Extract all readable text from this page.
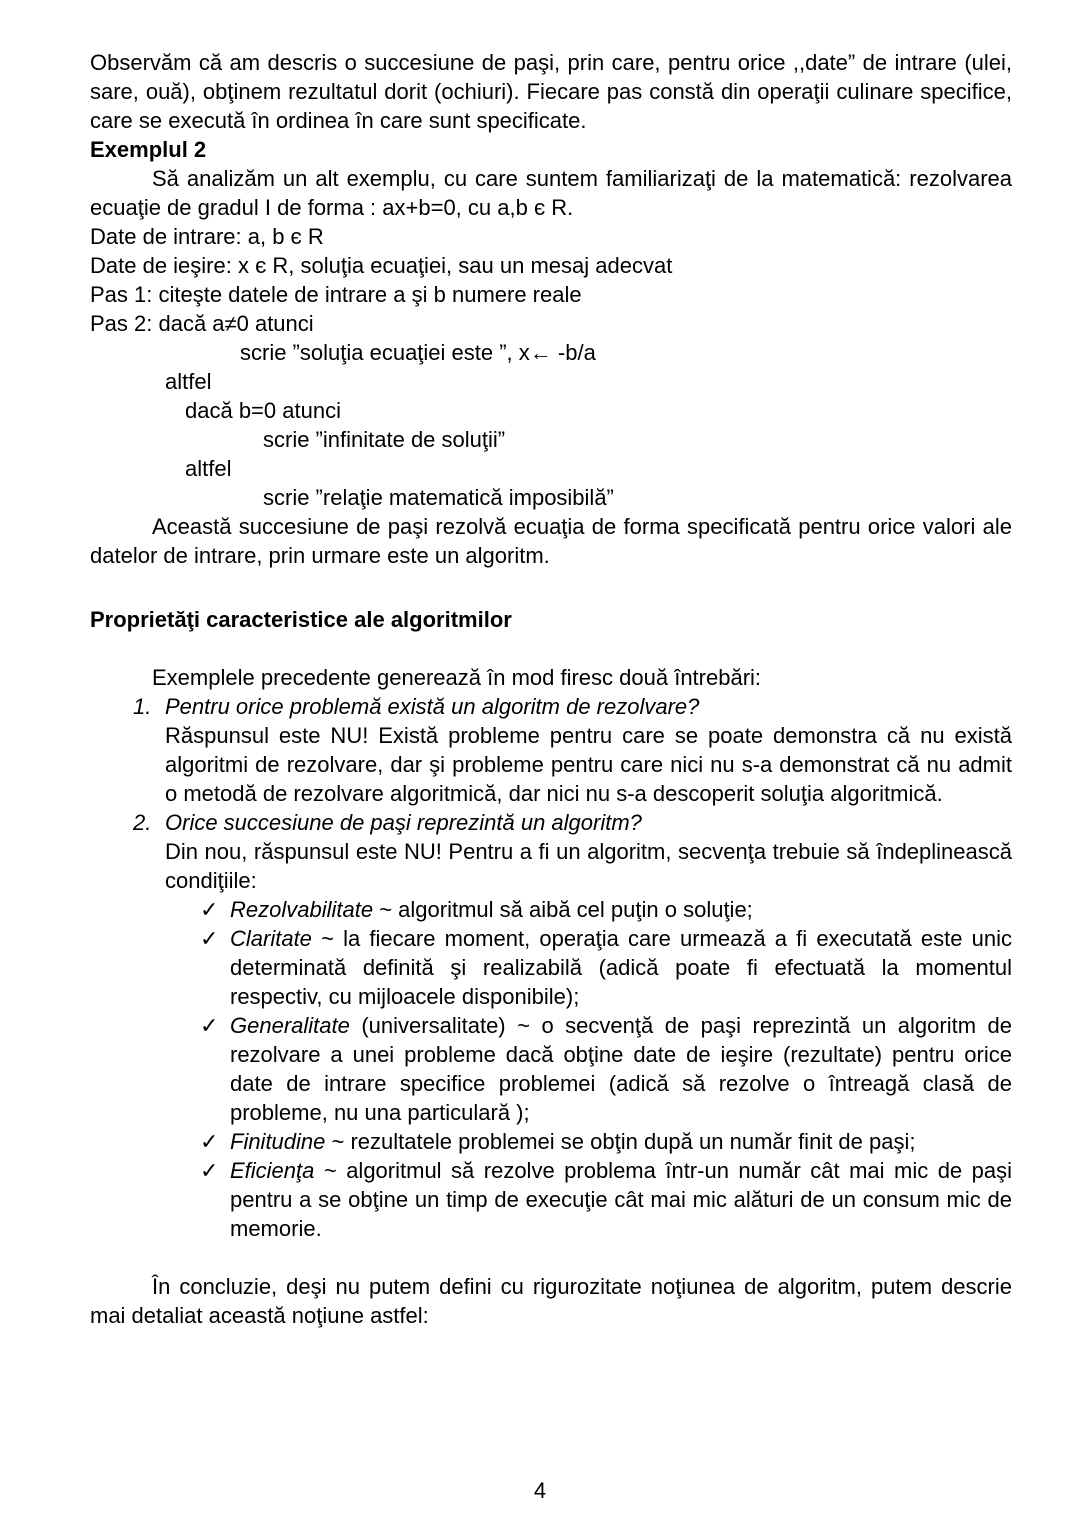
Observăm că am descris o succesiune de paşi, prin care, pentru orice ,,date” de intrare (ulei, sare, ouă), obţinem rezultatul dorit (ochiuri). Fiecare pas constă din operaţii culinare specifice, care se execută în ordinea în care sunt specificate.
Exemplul 2
Să analizăm un alt exemplu, cu care suntem familiarizaţi de la matematică: rezolvarea ecuaţie de gradul I de forma : ax+b=0, cu a,b є R.
Date de intrare: a, b є R
Date de ieşire: x є R, soluţia ecuaţiei, sau un mesaj adecvat
Pas 1: citeşte datele de intrare a şi b numere reale
Pas 2: dacă a≠0 atunci
scrie ”soluţia ecuaţiei este ”, x← -b/a
altfel
dacă b=0 atunci
scrie ”infinitate de soluţii”
altfel
scrie ”relaţie matematică imposibilă”
Această succesiune de paşi rezolvă ecuaţia de forma specificată pentru orice valori ale datelor de intrare, prin urmare este un algoritm.
Proprietăţi caracteristice ale algoritmilor
Exemplele precedente generează în mod firesc două întrebări:
1. Pentru orice problemă există un algoritm de rezolvare?
Răspunsul este NU! Există probleme pentru care se poate demonstra că nu există algoritmi de rezolvare, dar şi probleme pentru care nici nu s-a demonstrat că nu admit o metodă de rezolvare algoritmică, dar nici nu s-a descoperit soluţia algoritmică.
2. Orice succesiune de paşi reprezintă un algoritm?
Din nou, răspunsul este NU! Pentru a fi un algoritm, secvenţa trebuie să îndeplinească condiţiile:
✓ Rezolvabilitate ~ algoritmul să aibă cel puţin o soluţie;
✓ Claritate ~ la fiecare moment, operaţia care urmează a fi executată este unic determinată definită şi realizabilă (adică poate fi efectuată la momentul respectiv, cu mijloacele disponibile);
✓ Generalitate (universalitate) ~ o secvenţă de paşi reprezintă un algoritm de rezolvare a unei probleme dacă obţine date de ieşire (rezultate) pentru orice date de intrare specifice problemei (adică să rezolve o întreagă clasă de probleme, nu una particulară );
✓ Finitudine ~ rezultatele problemei se obţin după un număr finit de paşi;
✓ Eficienţa ~ algoritmul să rezolve problema într-un număr cât mai mic de paşi pentru a se obţine un timp de execuţie cât mai mic alături de un consum mic de memorie.
În concluzie, deşi nu putem defini cu rigurozitate noţiunea de algoritm, putem descrie mai detaliat această noţiune astfel:
4
